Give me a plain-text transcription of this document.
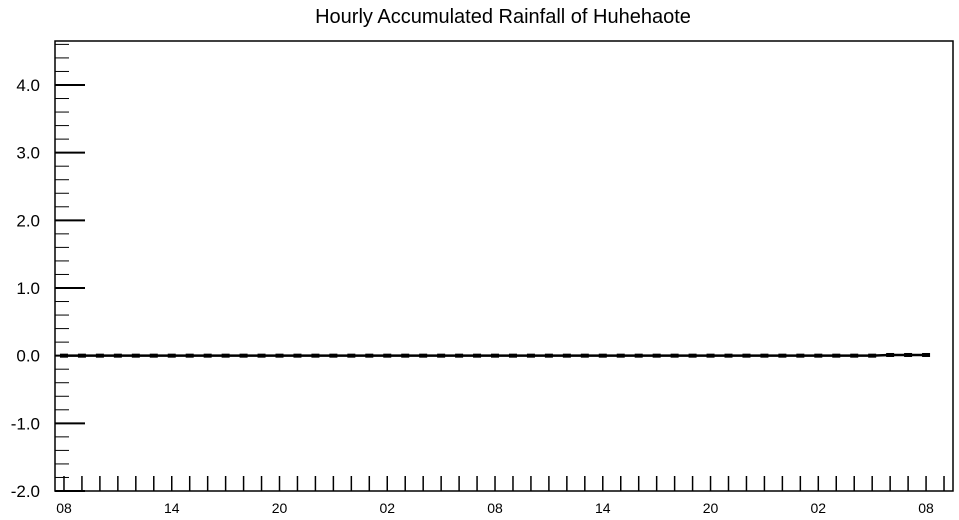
Hourly Accumulated Rainfall of Huhehaote
4.0
3.0
2.0
1.0
0.0
-1.0
-2.0
08	14	20	02	08	14	20	02	08
